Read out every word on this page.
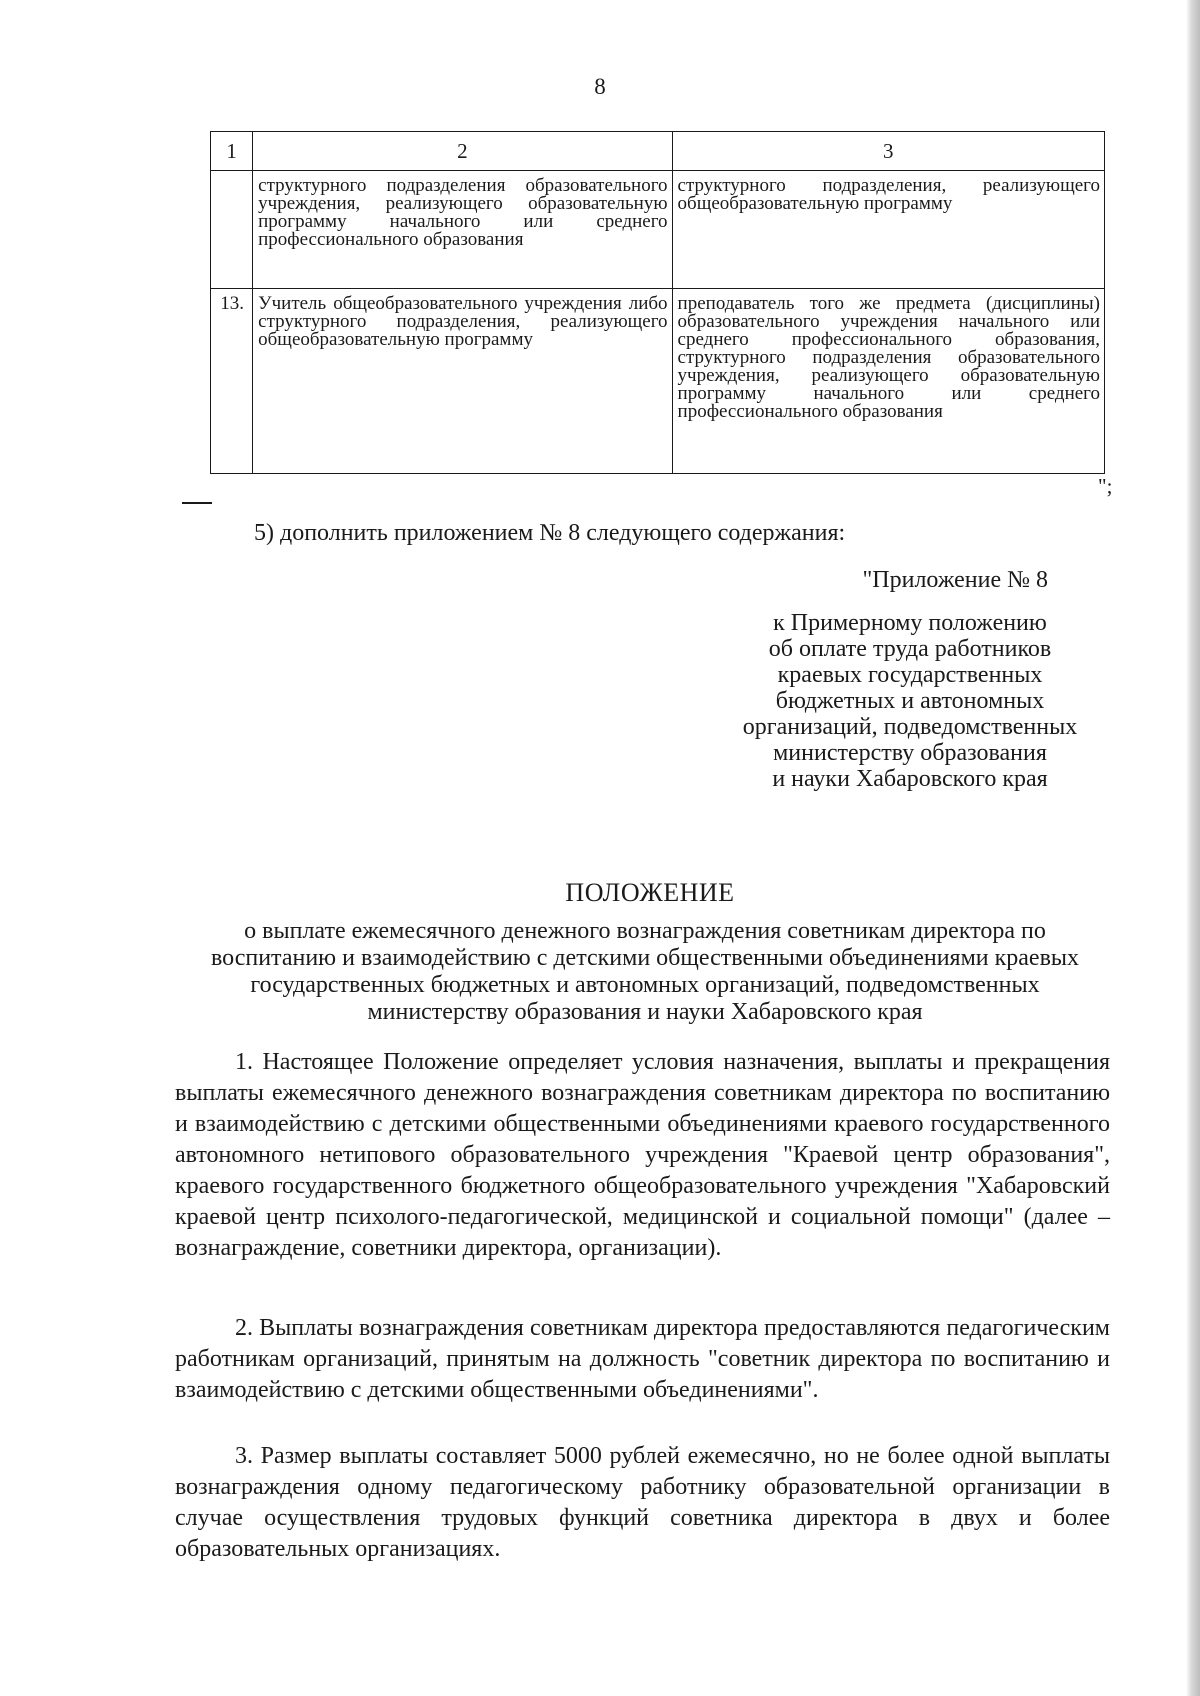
8
1	2	3
	структурного подразделения образовательного учреждения, реализующего образовательную программу начального или среднего профессионального образования	структурного подразделения, реализующего общеобразовательную программу
13.	Учитель общеобразовательного учреждения либо структурного подразделения, реализующего общеобразовательную программу	преподаватель того же предмета (дисциплины) образовательного учреждения начального или среднего профессионального образования, структурного подразделения образовательного учреждения, реализующего образовательную программу начального или среднего профессионального образования
";
5) дополнить приложением № 8 следующего содержания:
"Приложение № 8
к Примерному положению
об оплате труда работников
краевых государственных
бюджетных и автономных
организаций, подведомственных
министерству образования
и науки Хабаровского края
ПОЛОЖЕНИЕ
о выплате ежемесячного денежного вознаграждения советникам директора по воспитанию и взаимодействию с детскими общественными объединениями краевых государственных бюджетных и автономных организаций, подведомственных министерству образования и науки Хабаровского края

1. Настоящее Положение определяет условия назначения, выплаты и прекращения выплаты ежемесячного денежного вознаграждения советникам директора по воспитанию и взаимодействию с детскими общественными объединениями краевого государственного автономного нетипового образовательного учреждения "Краевой центр образования", краевого государственного бюджетного общеобразовательного учреждения "Хабаровский краевой центр психолого-педагогической, медицинской и социальной помощи" (далее – вознаграждение, советники директора, организации).

2. Выплаты вознаграждения советникам директора предоставляются педагогическим работникам организаций, принятым на должность "советник директора по воспитанию и взаимодействию с детскими общественными объединениями".

3. Размер выплаты составляет 5000 рублей ежемесячно, но не более одной выплаты вознаграждения одному педагогическому работнику образовательной организации в случае осуществления трудовых функций советника директора в двух и более образовательных организациях.
